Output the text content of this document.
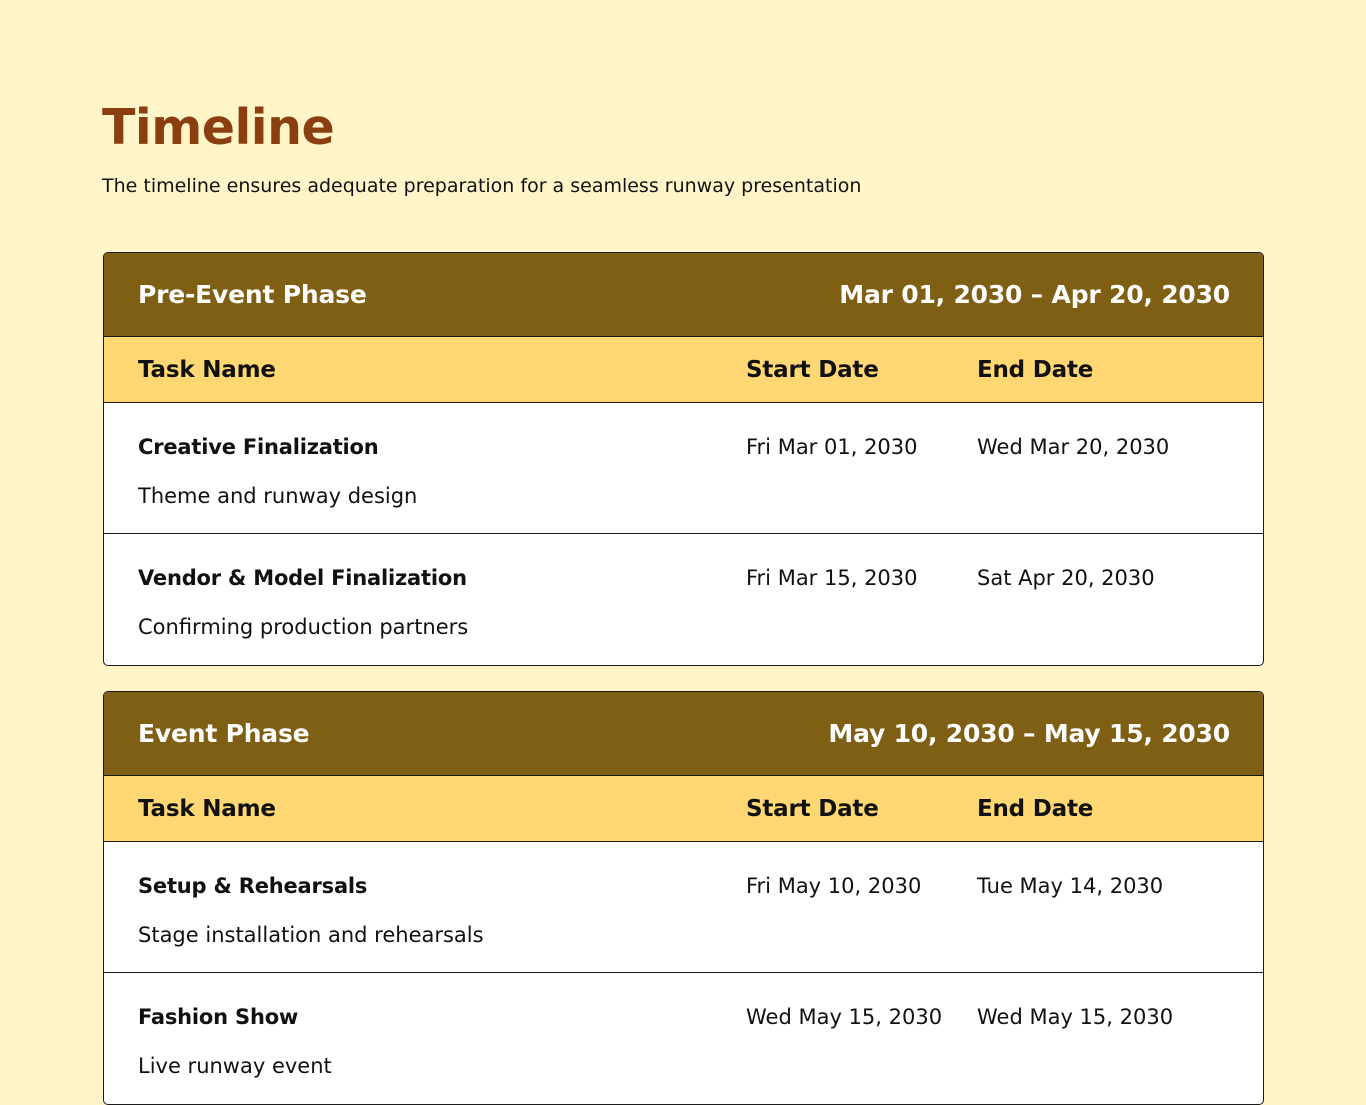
Timeline

The timeline ensures adequate preparation for a seamless runway presentation

Pre-Event Phase	Mar 01, 2030 – Apr 20, 2030
Task Name	Start Date	End Date
Creative Finalization
Theme and runway design
Fri Mar 01, 2030	Wed Mar 20, 2030
Vendor & Model Finalization
Confirming production partners
Fri Mar 15, 2030	Sat Apr 20, 2030
Event Phase	May 10, 2030 – May 15, 2030
Task Name	Start Date	End Date
Setup & Rehearsals
Stage installation and rehearsals
Fri May 10, 2030	Tue May 14, 2030
Fashion Show
Live runway event
Wed May 15, 2030	Wed May 15, 2030
